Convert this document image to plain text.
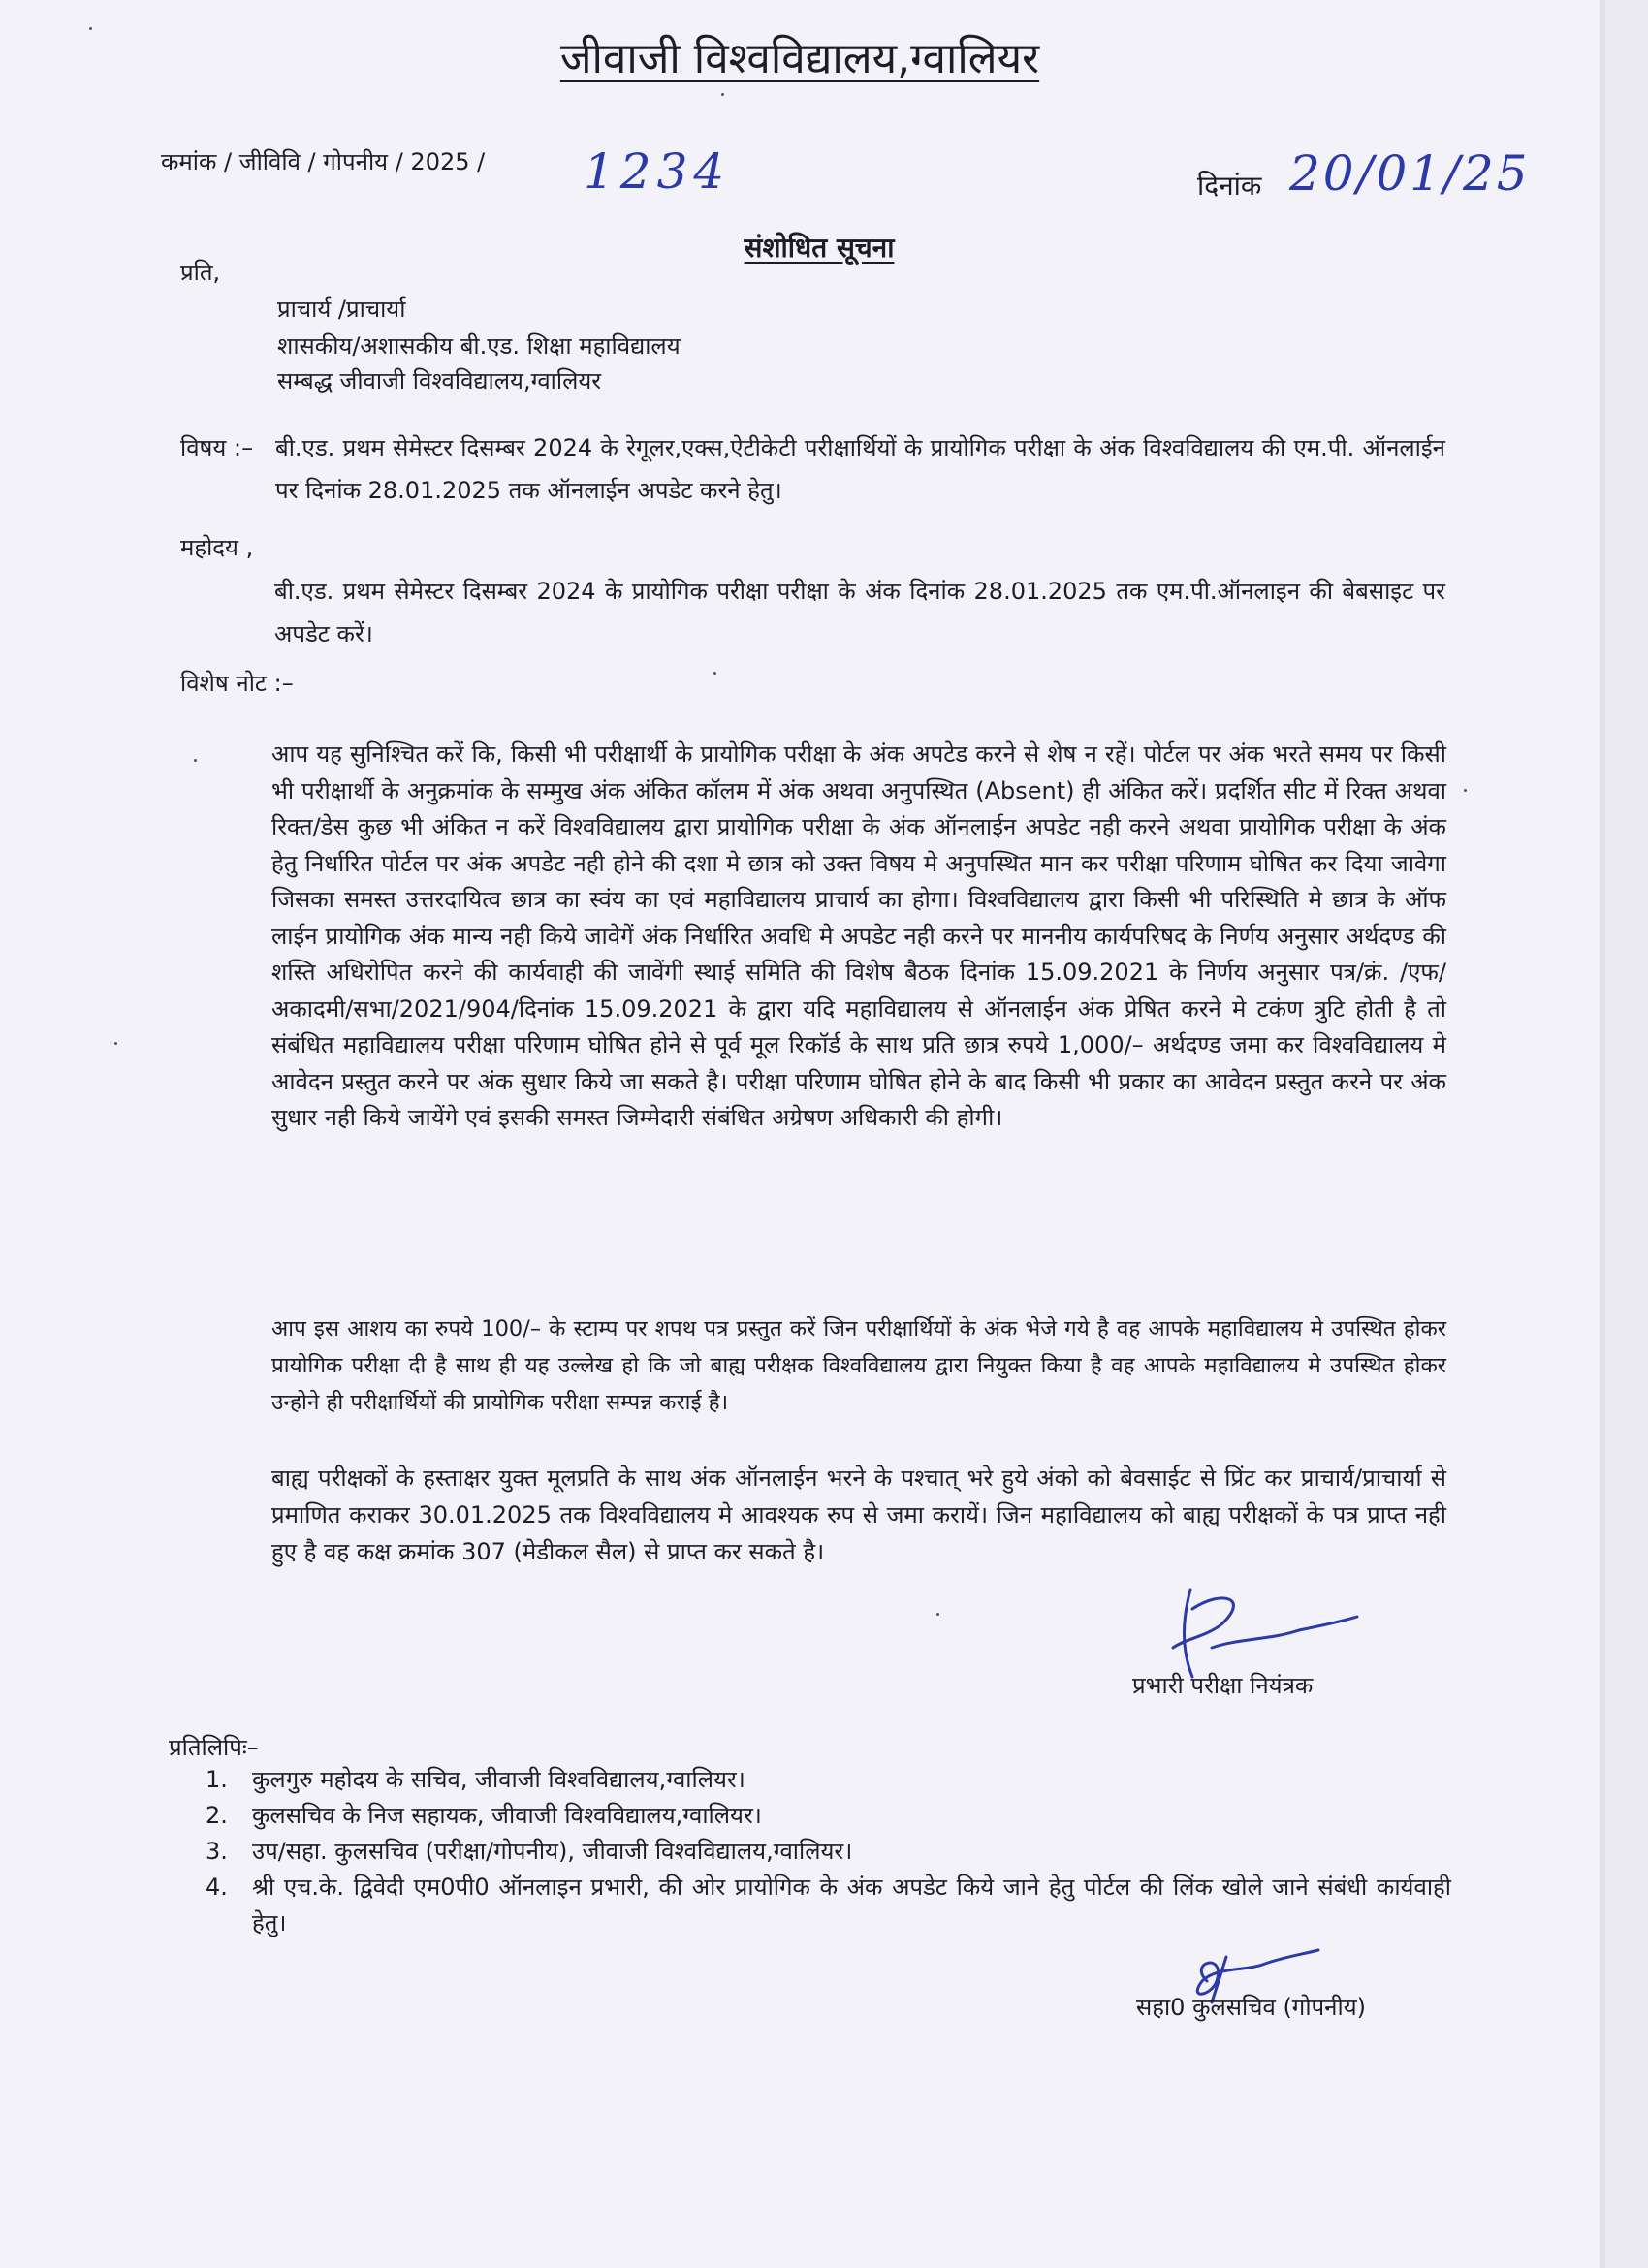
जीवाजी विश्वविद्यालय,ग्वालियर
कमांक / जीविवि / गोपनीय / 2025 / 1234	दिनांक 20/01/25
संशोधित सूचना
प्रति,
प्राचार्य /प्राचार्या
शासकीय/अशासकीय बी.एड. शिक्षा महाविद्यालय
सम्बद्ध जीवाजी विश्वविद्यालय,ग्वालियर
विषय :– बी.एड. प्रथम सेमेस्टर दिसम्बर 2024 के रेगूलर,एक्स,ऐटीकेटी परीक्षार्थियों के प्रायोगिक परीक्षा के अंक विश्वविद्यालय की एम.पी. ऑनलाईन पर दिनांक 28.01.2025 तक ऑनलाईन अपडेट करने हेतु।
महोदय ,
बी.एड. प्रथम सेमेस्टर दिसम्बर 2024 के प्रायोगिक परीक्षा परीक्षा के अंक दिनांक 28.01.2025 तक एम.पी.ऑनलाइन की बेबसाइट पर अपडेट करें।
विशेष नोट :–
आप यह सुनिश्चित करें कि, किसी भी परीक्षार्थी के प्रायोगिक परीक्षा के अंक अपटेड करने से शेष न रहें। पोर्टल पर अंक भरते समय पर किसी भी परीक्षार्थी के अनुक्रमांक के सम्मुख अंक अंकित कॉलम में अंक अथवा अनुपस्थित (Absent) ही अंकित करें। प्रदर्शित सीट में रिक्त अथवा रिक्त/डेस कुछ भी अंकित न करें विश्वविद्यालय द्वारा प्रायोगिक परीक्षा के अंक ऑनलाईन अपडेट नही करने अथवा प्रायोगिक परीक्षा के अंक हेतु निर्धारित पोर्टल पर अंक अपडेट नही होने की दशा मे छात्र को उक्त विषय मे अनुपस्थित मान कर परीक्षा परिणाम घोषित कर दिया जावेगा जिसका समस्त उत्तरदायित्व छात्र का स्वंय का एवं महाविद्यालय प्राचार्य का होगा। विश्वविद्यालय द्वारा किसी भी परिस्थिति मे छात्र के ऑफ लाईन प्रायोगिक अंक मान्य नही किये जावेगें अंक निर्धारित अवधि मे अपडेट नही करने पर माननीय कार्यपरिषद के निर्णय अनुसार अर्थदण्ड की शस्ति अधिरोपित करने की कार्यवाही की जावेंगी स्थाई समिति की विशेष बैठक दिनांक 15.09.2021 के निर्णय अनुसार पत्र/क्रं. /एफ/अकादमी/सभा/2021/904/दिनांक 15.09.2021 के द्वारा यदि महाविद्यालय से ऑनलाईन अंक प्रेषित करने मे टकंण त्रुटि होती है तो संबंधित महाविद्यालय परीक्षा परिणाम घोषित होने से पूर्व मूल रिकॉर्ड के साथ प्रति छात्र रुपये 1,000/– अर्थदण्ड जमा कर विश्वविद्यालय मे आवेदन प्रस्तुत करने पर अंक सुधार किये जा सकते है। परीक्षा परिणाम घोषित होने के बाद किसी भी प्रकार का आवेदन प्रस्तुत करने पर अंक सुधार नही किये जायेंगे एवं इसकी समस्त जिम्मेदारी संबंधित अग्रेषण अधिकारी की होगी।
आप इस आशय का रुपये 100/– के स्टाम्प पर शपथ पत्र प्रस्तुत करें जिन परीक्षार्थियों के अंक भेजे गये है वह आपके महाविद्यालय मे उपस्थित होकर प्रायोगिक परीक्षा दी है साथ ही यह उल्लेख हो कि जो बाह्य परीक्षक विश्वविद्यालय द्वारा नियुक्त किया है वह आपके महाविद्यालय मे उपस्थित होकर उन्होने ही परीक्षार्थियों की प्रायोगिक परीक्षा सम्पन्न कराई है।
बाह्य परीक्षकों के हस्ताक्षर युक्त मूलप्रति के साथ अंक ऑनलाईन भरने के पश्चात् भरे हुये अंको को बेवसाईट से प्रिंट कर प्राचार्य/प्राचार्या से प्रमाणित कराकर 30.01.2025 तक विश्वविद्यालय मे आवश्यक रुप से जमा करायें। जिन महाविद्यालय को बाह्य परीक्षकों के पत्र प्राप्त नही हुए है वह कक्ष क्रमांक 307 (मेडीकल सैल) से प्राप्त कर सकते है।
प्रभारी परीक्षा नियंत्रक
प्रतिलिपिः–
1. कुलगुरु महोदय के सचिव, जीवाजी विश्वविद्यालय,ग्वालियर।
2. कुलसचिव के निज सहायक, जीवाजी विश्वविद्यालय,ग्वालियर।
3. उप/सहा. कुलसचिव (परीक्षा/गोपनीय), जीवाजी विश्वविद्यालय,ग्वालियर।
4. श्री एच.के. द्विवेदी एम0पी0 ऑनलाइन प्रभारी, की ओर प्रायोगिक के अंक अपडेट किये जाने हेतु पोर्टल की लिंक खोले जाने संबंधी कार्यवाही हेतु।
सहा0 कुलसचिव (गोपनीय)
